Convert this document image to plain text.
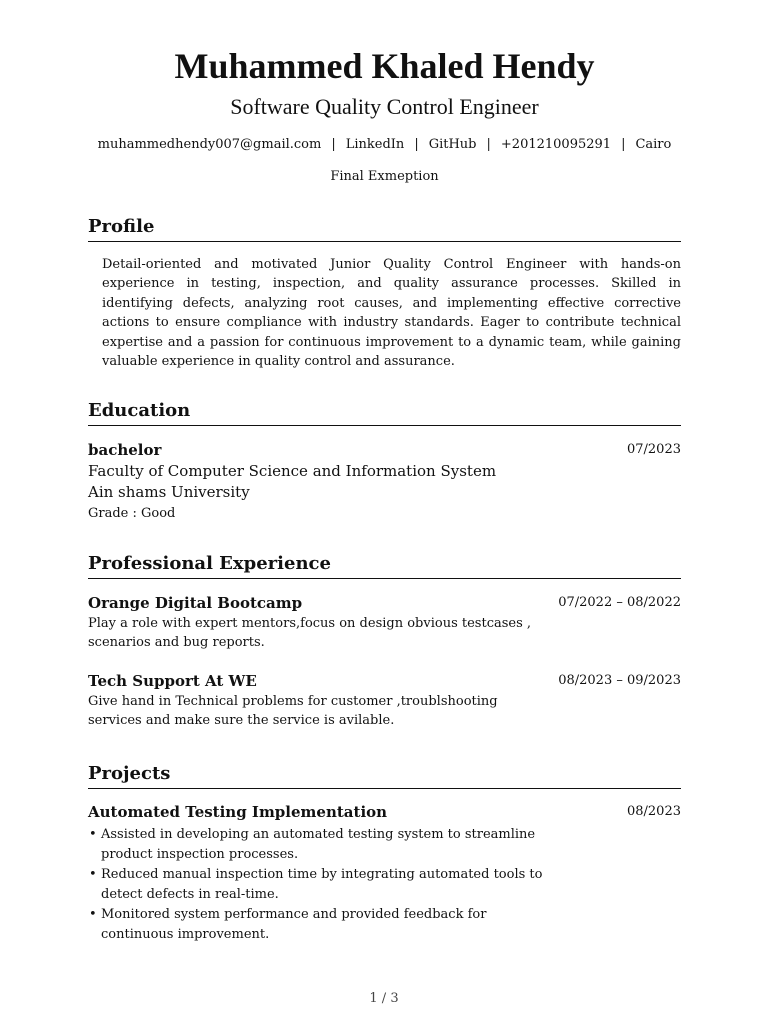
Muhammed Khaled Hendy
Software Quality Control Engineer
muhammedhendy007@gmail.com | LinkedIn | GitHub | +201210095291 | Cairo
Final Exmeption
Profile
Detail-oriented and motivated Junior Quality Control Engineer with hands-on experience in testing, inspection, and quality assurance processes. Skilled in identifying defects, analyzing root causes, and implementing effective corrective actions to ensure compliance with industry standards. Eager to contribute technical expertise and a passion for continuous improvement to a dynamic team, while gaining valuable experience in quality control and assurance.
Education
bachelor	07/2023
Faculty of Computer Science and Information System Ain shams University
Grade : Good
Professional Experience
Orange Digital Bootcamp	07/2022 – 08/2022
Play a role with expert mentors,focus on design obvious testcases , scenarios and bug reports.
Tech Support At WE	08/2023 – 09/2023
Give hand in Technical problems for customer ,troublshooting services and make sure the service is avilable.
Projects
Automated Testing Implementation	08/2023
• Assisted in developing an automated testing system to streamline product inspection processes.
• Reduced manual inspection time by integrating automated tools to detect defects in real-time.
• Monitored system performance and provided feedback for continuous improvement.
1 / 3
